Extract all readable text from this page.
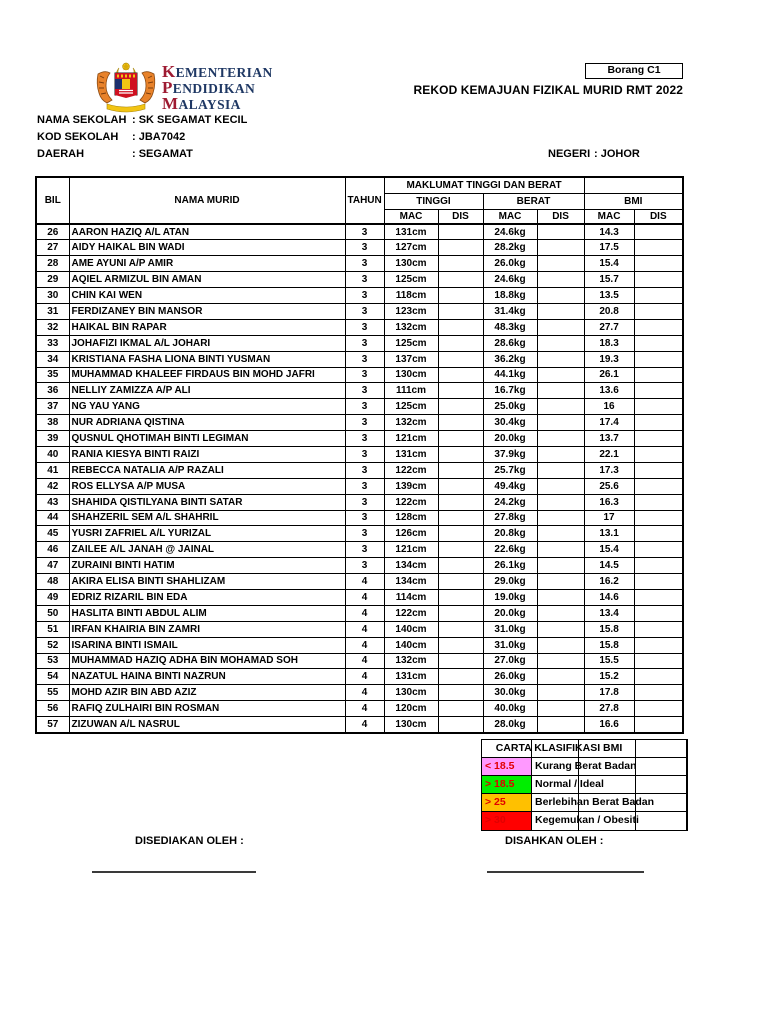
KEMENTERIAN
PENDIDIKAN
MALAYSIA
Borang C1
REKOD KEMAJUAN FIZIKAL MURID RMT 2022
NAMA SEKOLAH : SK SEGAMAT KECIL
KOD SEKOLAH	: JBA7042
DAERAH	: SEGAMAT	NEGERI : JOHOR
BIL	NAMA MURID	TAHUN	MAKLUMAT TINGGI DAN BERAT					
			TINGGI		BERAT		BMI	
			MAC	DIS	MAC	DIS	MAC	DIS
26	AARON HAZIQ A/L ATAN	3	131cm		24.6kg		14.3	
27	AIDY HAIKAL BIN WADI	3	127cm		28.2kg		17.5	
28	AME AYUNI A/P AMIR	3	130cm		26.0kg		15.4	
29	AQIEL ARMIZUL BIN AMAN	3	125cm		24.6kg		15.7	
30	CHIN KAI WEN	3	118cm		18.8kg		13.5	
31	FERDIZANEY BIN MANSOR	3	123cm		31.4kg		20.8	
32	HAIKAL BIN RAPAR	3	132cm		48.3kg		27.7	
33	JOHAFIZI IKMAL A/L JOHARI	3	125cm		28.6kg		18.3	
34	KRISTIANA FASHA LIONA BINTI YUSMAN	3	137cm		36.2kg		19.3	
35	MUHAMMAD KHALEEF FIRDAUS BIN MOHD JAFRI	3	130cm		44.1kg		26.1	
36	NELLIY ZAMIZZA A/P ALI	3	111cm		16.7kg		13.6	
37	NG YAU YANG	3	125cm		25.0kg		16	
38	NUR ADRIANA QISTINA	3	132cm		30.4kg		17.4	
39	QUSNUL QHOTIMAH BINTI LEGIMAN	3	121cm		20.0kg		13.7	
40	RANIA KIESYA BINTI RAIZI	3	131cm		37.9kg		22.1	
41	REBECCA NATALIA A/P RAZALI	3	122cm		25.7kg		17.3	
42	ROS ELLYSA A/P MUSA	3	139cm		49.4kg		25.6	
43	SHAHIDA QISTILYANA BINTI SATAR	3	122cm		24.2kg		16.3	
44	SHAHZERIL SEM A/L SHAHRIL	3	128cm		27.8kg		17	
45	YUSRI ZAFRIEL A/L YURIZAL	3	126cm		20.8kg		13.1	
46	ZAILEE A/L JANAH @ JAINAL	3	121cm		22.6kg		15.4	
47	ZURAINI BINTI HATIM	3	134cm		26.1kg		14.5	
48	AKIRA ELISA BINTI SHAHLIZAM	4	134cm		29.0kg		16.2	
49	EDRIZ RIZARIL BIN EDA	4	114cm		19.0kg		14.6	
50	HASLITA BINTI ABDUL ALIM	4	122cm		20.0kg		13.4	
51	IRFAN KHAIRIA BIN ZAMRI	4	140cm		31.0kg		15.8	
52	ISARINA BINTI ISMAIL	4	140cm		31.0kg		15.8	
53	MUHAMMAD HAZIQ ADHA BIN MOHAMAD SOH	4	132cm		27.0kg		15.5	
54	NAZATUL HAINA BINTI NAZRUN	4	131cm		26.0kg		15.2	
55	MOHD AZIR BIN ABD AZIZ	4	130cm		30.0kg		17.8	
56	RAFIQ ZULHAIRI BIN ROSMAN	4	120cm		40.0kg		27.8	
57	ZIZUWAN A/L NASRUL	4	130cm		28.0kg		16.6	
CARTA KLASIFIKASI BMI
< 18.5 Kurang Berat Badan
> 18.5 Normal / Ideal
> 25	Berlebihan Berat Badan
> 30	Kegemukan / Obesiti
DISEDIAKAN OLEH :	DISAHKAN OLEH :
